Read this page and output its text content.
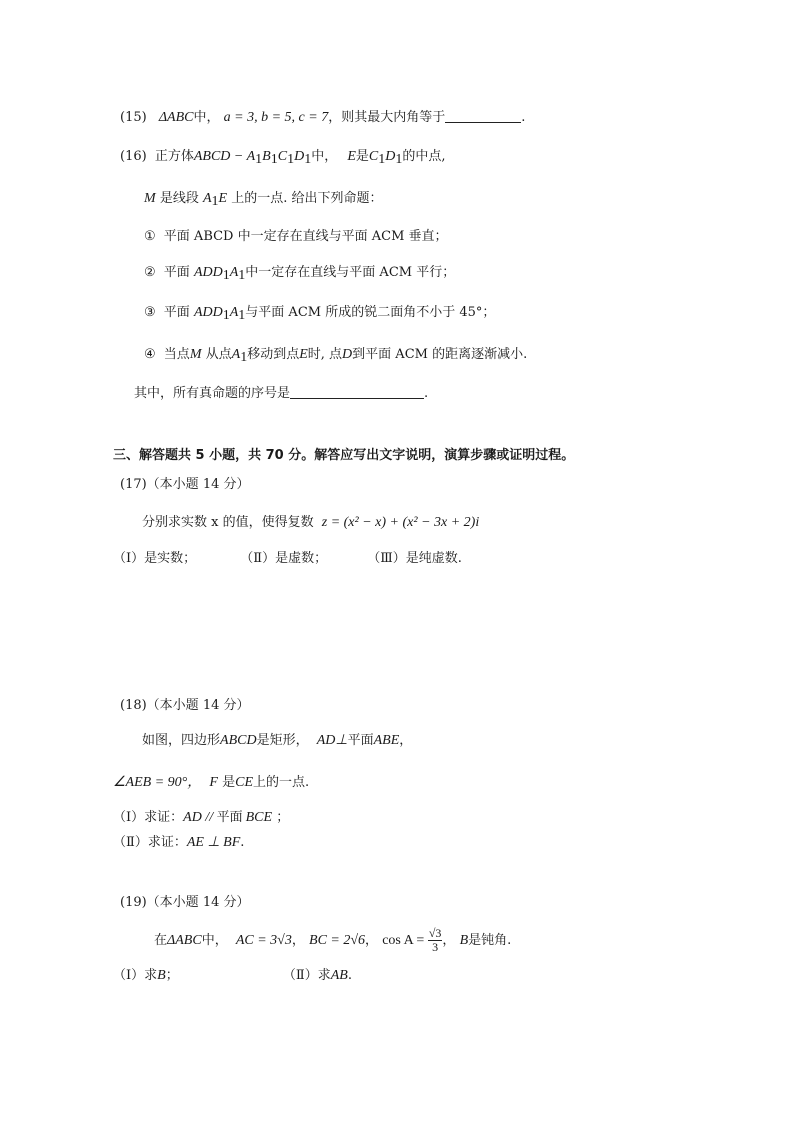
(15) ΔABC中， a = 3, b = 5, c = 7，则其最大内角等于	.
(16) 正方体ABCD − $A_1B_1C_1D_1$中， E是$C_1D_1$的中点,
M 是线段 $A_1E$ 上的一点. 给出下列命题：
① 平面 ABCD 中一定存在直线与平面 ACM 垂直；
② 平面 $ADD_1A_1$中一定存在直线与平面 ACM 平行；
③ 平面 $ADD_1A_1$与平面 ACM 所成的锐二面角不小于 45°；
④ 当点M 从点$A_1$移动到点E时, 点D到平面 ACM 的距离逐渐减小.
其中，所有真命题的序号是	.
三、解答题共 5 小题，共 70 分。解答应写出文字说明，演算步骤或证明过程。
(17)（本小题 14 分）
分别求实数 x 的值，使得复数 z = (x² − x) + (x² − 3x + 2)i
（Ⅰ）是实数；	（Ⅱ）是虚数；	（Ⅲ）是纯虚数.
(18)（本小题 14 分）
如图，四边形ABCD是矩形， AD⊥平面ABE，
∠AEB = 90°， F 是CE上的一点.
（Ⅰ）求证：AD // 平面 BCE ；
（Ⅱ）求证：AE ⊥ BF.
(19)（本小题 14 分）
在ΔABC中， AC = 3√3， BC = 2√6， $\cos A = \frac{√3}{3}$ ， B是钝角.
（Ⅰ）求B；	（Ⅱ）求AB.
